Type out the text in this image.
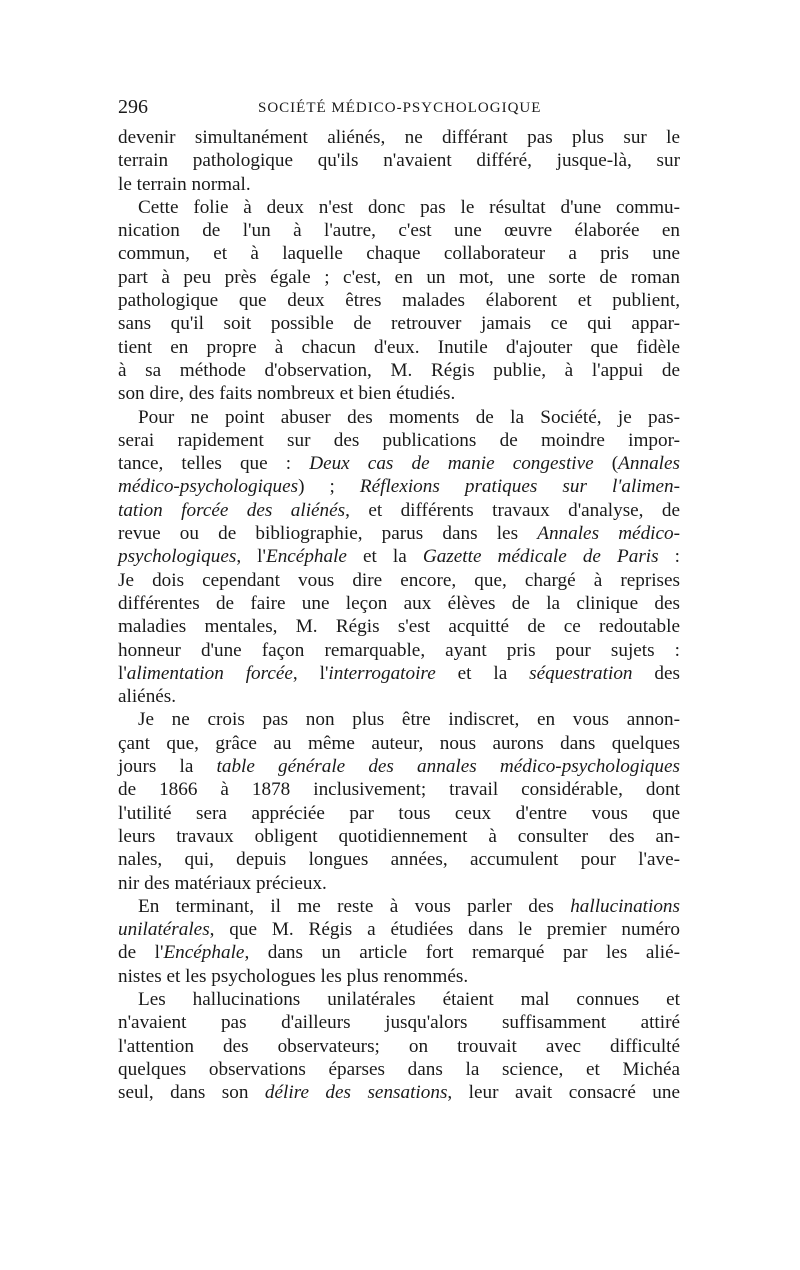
296	SOCIÉTÉ MÉDICO-PSYCHOLOGIQUE
devenir simultanément aliénés, ne différant pas plus sur le
terrain pathologique qu'ils n'avaient différé, jusque-là, sur
le terrain normal.
Cette folie à deux n'est donc pas le résultat d'une commu-
nication de l'un à l'autre, c'est une œuvre élaborée en
commun, et à laquelle chaque collaborateur a pris une
part à peu près égale ; c'est, en un mot, une sorte de roman
pathologique que deux êtres malades élaborent et publient,
sans qu'il soit possible de retrouver jamais ce qui appar-
tient en propre à chacun d'eux. Inutile d'ajouter que fidèle
à sa méthode d'observation, M. Régis publie, à l'appui de
son dire, des faits nombreux et bien étudiés.
Pour ne point abuser des moments de la Société, je pas-
serai rapidement sur des publications de moindre impor-
tance, telles que : Deux cas de manie congestive (Annales
médico-psychologiques) ; Réflexions pratiques sur l'alimen-
tation forcée des aliénés, et différents travaux d'analyse, de
revue ou de bibliographie, parus dans les Annales médico-
psychologiques, l'Encéphale et la Gazette médicale de Paris :
Je dois cependant vous dire encore, que, chargé à reprises
différentes de faire une leçon aux élèves de la clinique des
maladies mentales, M. Régis s'est acquitté de ce redoutable
honneur d'une façon remarquable, ayant pris pour sujets :
l'alimentation forcée, l'interrogatoire et la séquestration des
aliénés.
Je ne crois pas non plus être indiscret, en vous annon-
çant que, grâce au même auteur, nous aurons dans quelques
jours la table générale des annales médico-psychologiques
de 1866 à 1878 inclusivement; travail considérable, dont
l'utilité sera appréciée par tous ceux d'entre vous que
leurs travaux obligent quotidiennement à consulter des an-
nales, qui, depuis longues années, accumulent pour l'ave-
nir des matériaux précieux.
En terminant, il me reste à vous parler des hallucinations
unilatérales, que M. Régis a étudiées dans le premier numéro
de l'Encéphale, dans un article fort remarqué par les alié-
nistes et les psychologues les plus renommés.
Les hallucinations unilatérales étaient mal connues et
n'avaient pas d'ailleurs jusqu'alors suffisamment attiré
l'attention des observateurs; on trouvait avec difficulté
quelques observations éparses dans la science, et Michéa
seul, dans son délire des sensations, leur avait consacré une
